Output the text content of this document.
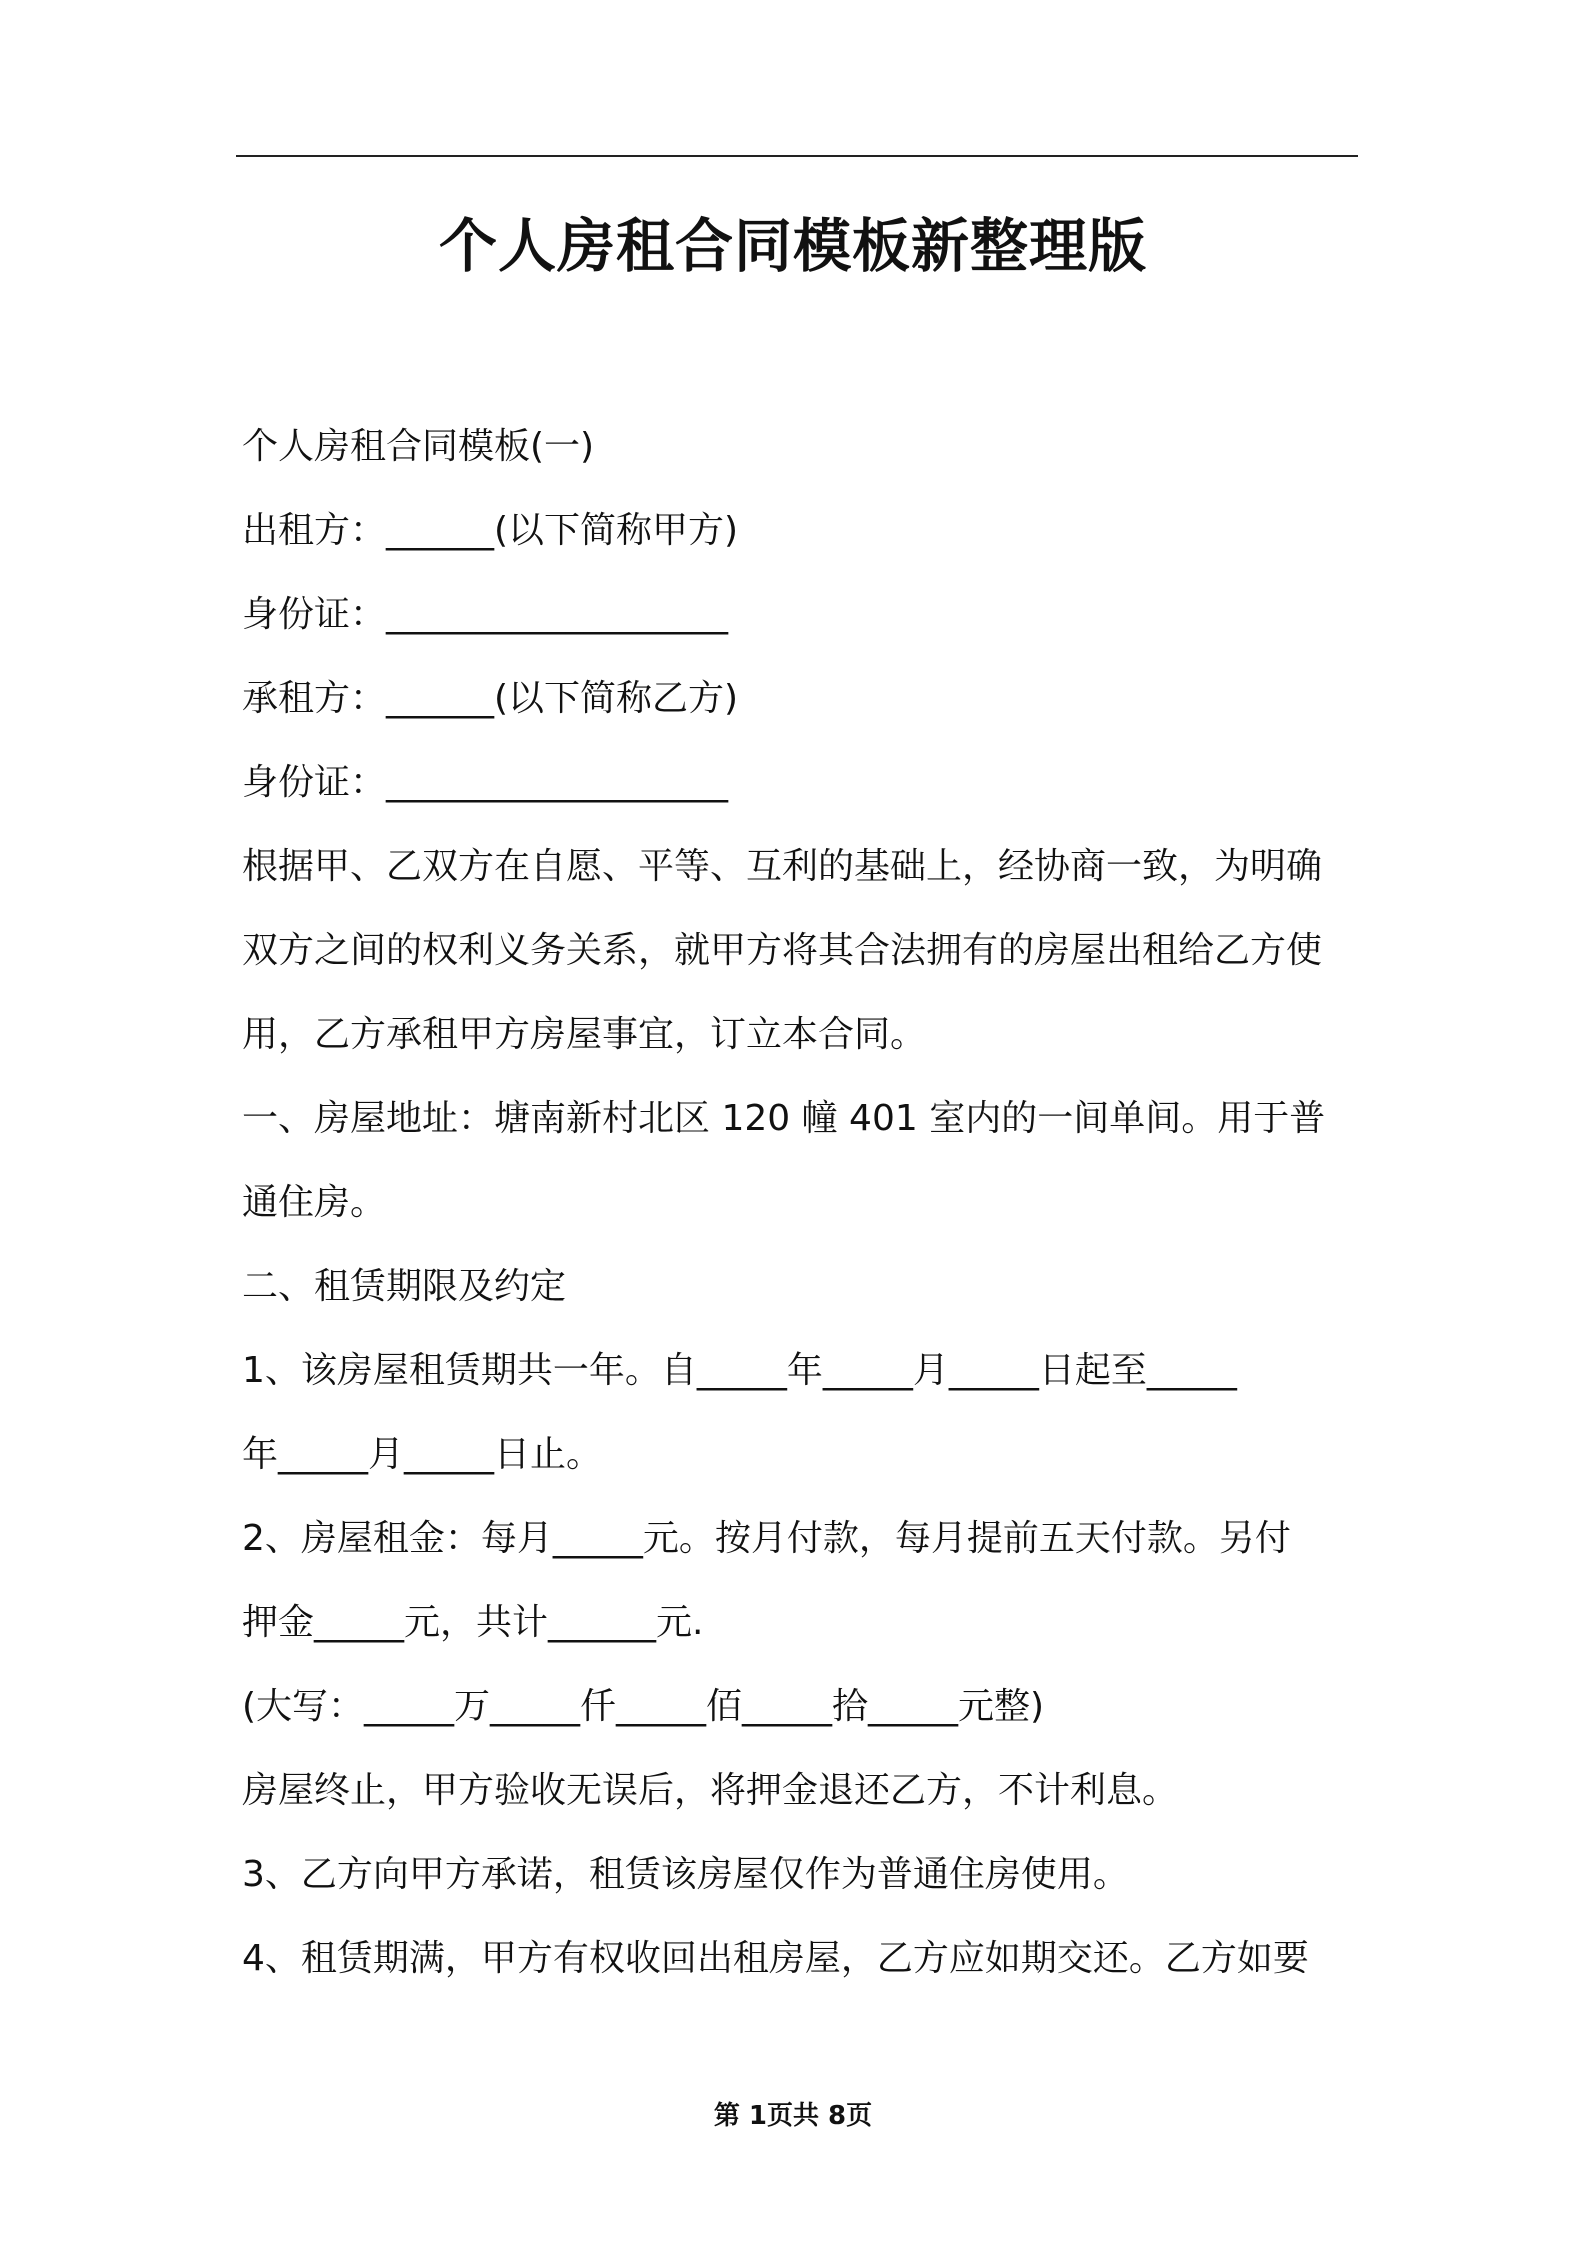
个人房租合同模板新整理版
个人房租合同模板(一)
出租方：______(以下简称甲方)
身份证：___________________
承租方：______(以下简称乙方)
身份证：___________________
根据甲、乙双方在自愿、平等、互利的基础上，经协商一致，为明确
双方之间的权利义务关系，就甲方将其合法拥有的房屋出租给乙方使
用，乙方承租甲方房屋事宜，订立本合同。
一、房屋地址：塘南新村北区 120 幢 401 室内的一间单间。用于普
通住房。
二、租赁期限及约定
1、该房屋租赁期共一年。自_____年_____月_____日起至_____
年_____月_____日止。
2、房屋租金：每月_____元。按月付款，每月提前五天付款。另付
押金_____元，共计______元.
(大写：_____万_____仟_____佰_____拾_____元整)
房屋终止，甲方验收无误后，将押金退还乙方，不计利息。
3、乙方向甲方承诺，租赁该房屋仅作为普通住房使用。
4、租赁期满，甲方有权收回出租房屋，乙方应如期交还。乙方如要
第 1页共 8页
